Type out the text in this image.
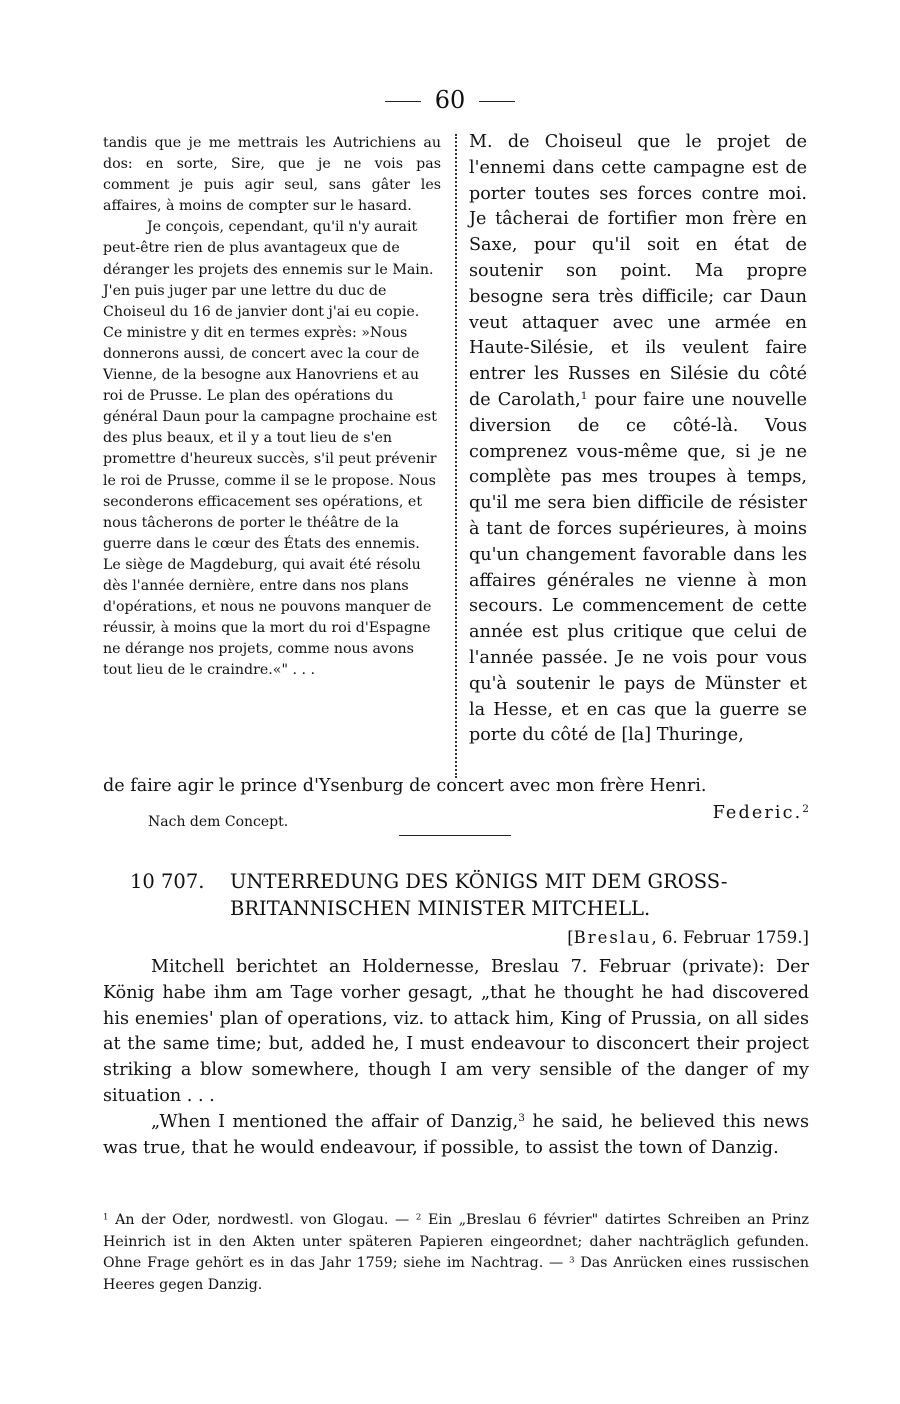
60

tandis que je me mettrais les Autrichiens au dos: en sorte, Sire, que je ne vois pas comment je puis agir seul, sans gâter les affaires, à moins de compter sur le hasard.

Je conçois, cependant, qu'il n'y aurait peut-être rien de plus avantageux que de déranger les projets des ennemis sur le Main. J'en puis juger par une lettre du duc de Choiseul du 16 de janvier dont j'ai eu copie. Ce ministre y dit en termes exprès: »Nous donnerons aussi, de concert avec la cour de Vienne, de la besogne aux Hanovriens et au roi de Prusse. Le plan des opérations du général Daun pour la campagne prochaine est des plus beaux, et il y a tout lieu de s'en promettre d'heureux succès, s'il peut prévenir le roi de Prusse, comme il se le propose. Nous seconderons efficacement ses opérations, et nous tâcherons de porter le théâtre de la guerre dans le cœur des États des ennemis. Le siège de Magdeburg, qui avait été résolu dès l'année dernière, entre dans nos plans d'opérations, et nous ne pouvons manquer de réussir, à moins que la mort du roi d'Espagne ne dérange nos projets, comme nous avons tout lieu de le craindre.«" . . .

M. de Choiseul que le projet de l'ennemi dans cette campagne est de porter toutes ses forces contre moi. Je tâcherai de fortifier mon frère en Saxe, pour qu'il soit en état de soutenir son point. Ma propre besogne sera très difficile; car Daun veut attaquer avec une armée en Haute-Silésie, et ils veulent faire entrer les Russes en Silésie du côté de Carolath,$^1$ pour faire une nouvelle diversion de ce côté-là. Vous comprenez vous-même que, si je ne complète pas mes troupes à temps, qu'il me sera bien difficile de résister à tant de forces supérieures, à moins qu'un changement favorable dans les affaires générales ne vienne à mon secours. Le commencement de cette année est plus critique que celui de l'année passée. Je ne vois pour vous qu'à soutenir le pays de Münster et la Hesse, et en cas que la guerre se porte du côté de [la] Thuringe,

de faire agir le prince d'Ysenburg de concert avec mon frère Henri.
Nach dem Concept.	Federic.$^2$
10 707. UNTERREDUNG DES KÖNIGS MIT DEM GROSS-
BRITANNISCHEN MINISTER MITCHELL.
[Breslau, 6. Februar 1759.]

Mitchell berichtet an Holdernesse, Breslau 7. Februar (private): Der König habe ihm am Tage vorher gesagt, „that he thought he had discovered his enemies' plan of operations, viz. to attack him, King of Prussia, on all sides at the same time; but, added he, I must endeavour to disconcert their project striking a blow somewhere, though I am very sensible of the danger of my situation . . .

„When I mentioned the affair of Danzig,$^3$ he said, he believed this news was true, that he would endeavour, if possible, to assist the town of Danzig.

$^1$ An der Oder, nordwestl. von Glogau. — $^2$ Ein „Breslau 6 février" datirtes Schreiben an Prinz Heinrich ist in den Akten unter späteren Papieren eingeordnet; daher nachträglich gefunden. Ohne Frage gehört es in das Jahr 1759; siehe im Nachtrag. — $^3$ Das Anrücken eines russischen Heeres gegen Danzig.
